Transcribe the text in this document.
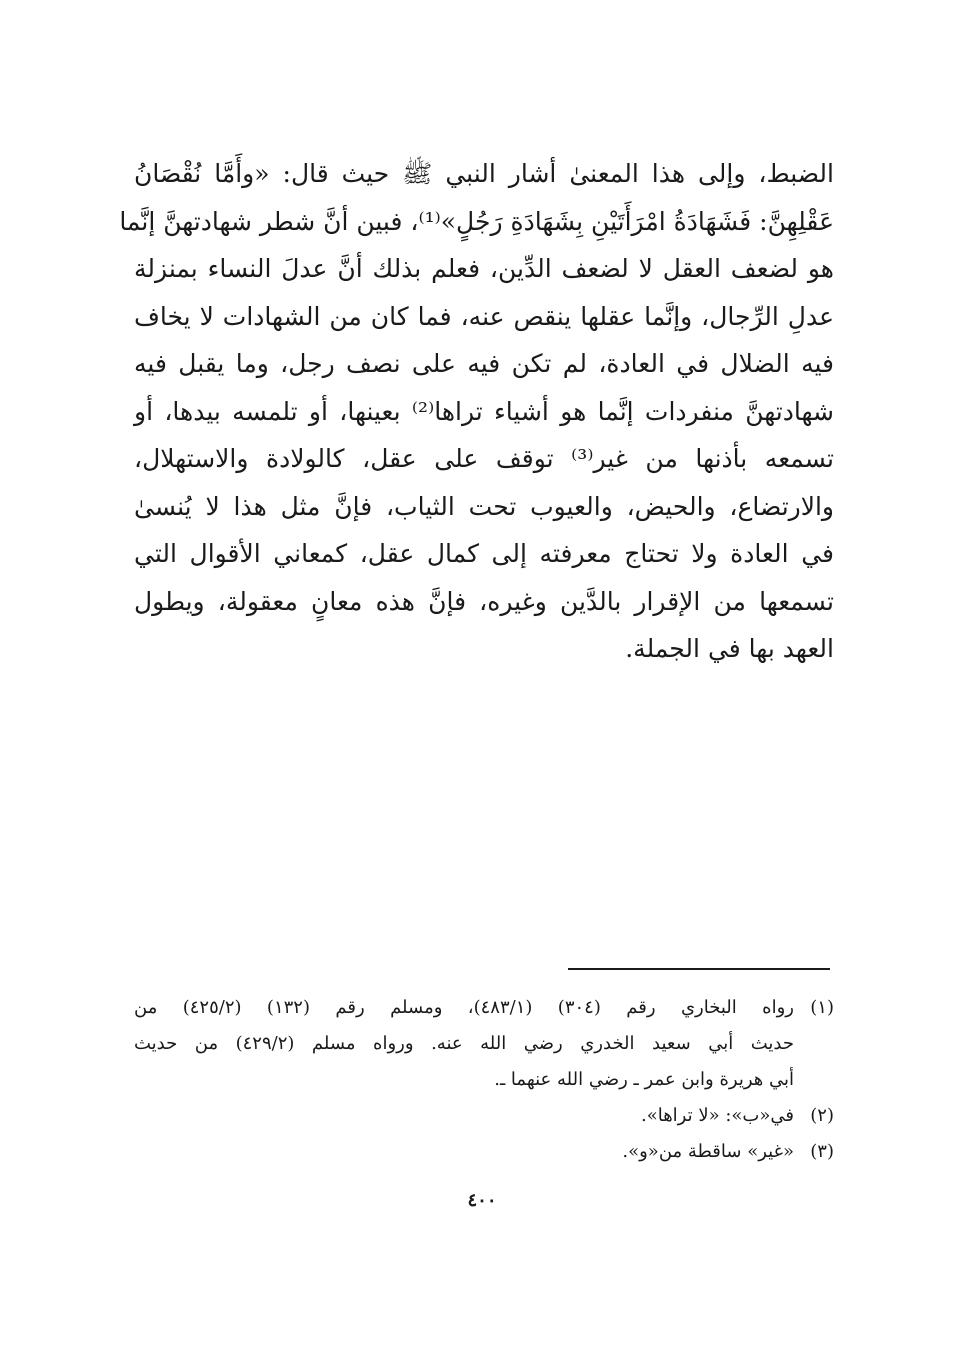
الضبط، وإلى هذا المعنىٰ أشار النبي ﷺ حيث قال: «وأَمَّا نُقْصَانُ
عَقْلِهِنَّ: فَشَهَادَةُ امْرَأَتَيْنِ بِشَهَادَةِ رَجُلٍ»⁽¹⁾، فبين أنَّ شطر شهادتهنَّ إنَّما
هو لضعف العقل لا لضعف الدِّين، فعلم بذلك أنَّ عدلَ النساء بمنزلة
عدلِ الرِّجال، وإنَّما عقلها ينقص عنه، فما كان من الشهادات لا يخاف
فيه الضلال في العادة، لم تكن فيه على نصف رجل، وما يقبل فيه
شهادتهنَّ منفردات إنَّما هو أشياء تراها⁽²⁾ بعينها، أو تلمسه بيدها، أو
تسمعه بأذنها من غير⁽³⁾ توقف على عقل، كالولادة والاستهلال،
والارتضاع، والحيض، والعيوب تحت الثياب، فإنَّ مثل هذا لا يُنسىٰ
في العادة ولا تحتاج معرفته إلى كمال عقل، كمعاني الأقوال التي
تسمعها من الإقرار بالدَّين وغيره، فإنَّ هذه معانٍ معقولة، ويطول
العهد بها في الجملة.
(١)
رواه البخاري رقم (٣٠٤) (٤٨٣/١)، ومسلم رقم (١٣٢) (٤٢٥/٢) من
حديث أبي سعيد الخدري رضي الله عنه. ورواه مسلم (٤٢٩/٢) من حديث
أبي هريرة وابن عمر ـ رضي الله عنهما ـ.
(٢)
في«ب»: «لا تراها».
(٣)
«غير» ساقطة من«و».
٤٠٠
